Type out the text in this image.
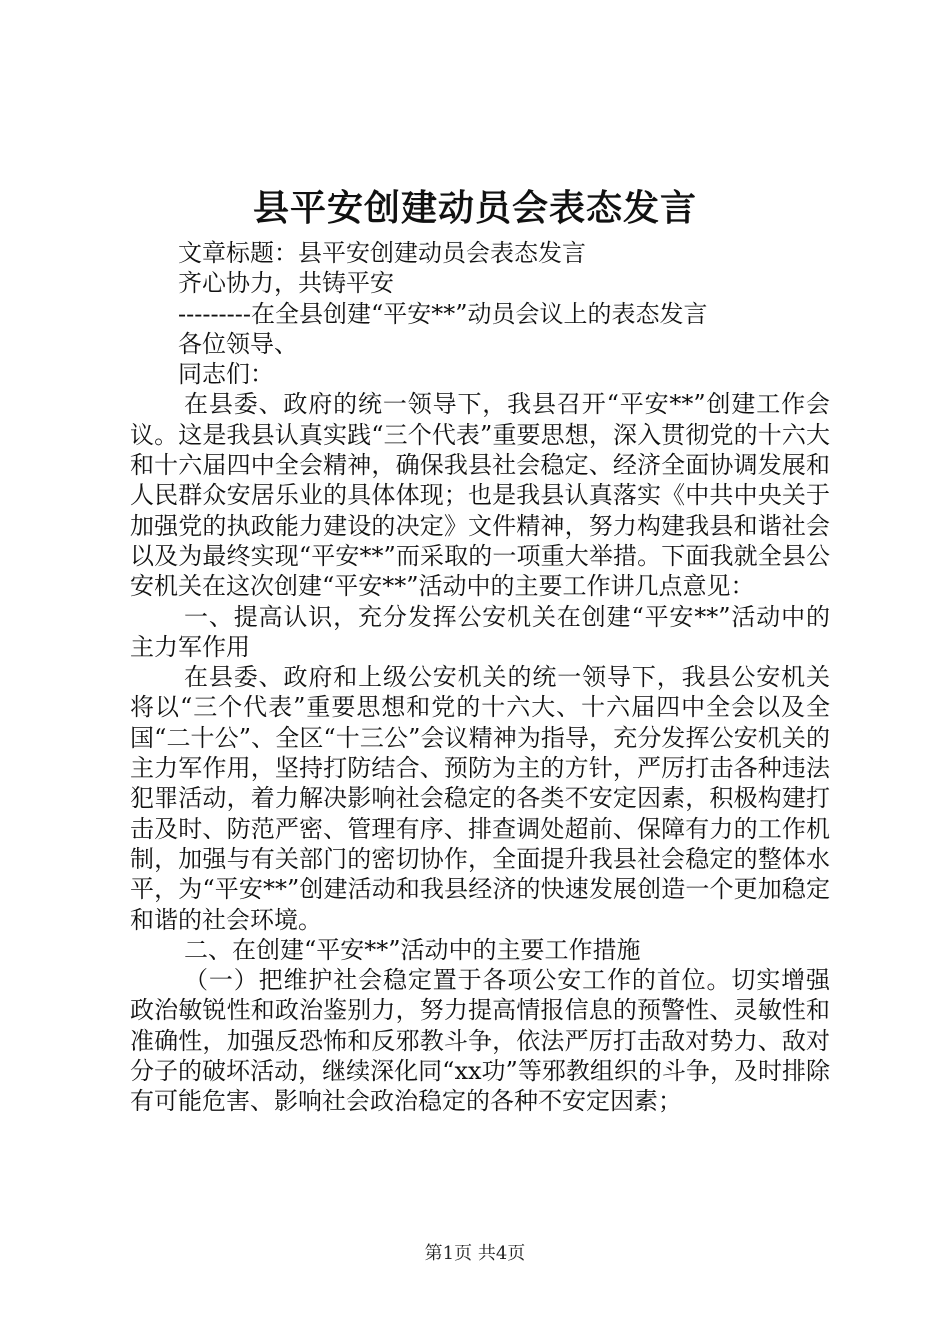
县平安创建动员会表态发言

文章标题：县平安创建动员会表态发言

齐心协力，共铸平安

---------在全县创建“平安**”动员会议上的表态发言

各位领导、

同志们：

在县委、政府的统一领导下，我县召开“平安**”创建工作会议。这是我县认真实践“三个代表”重要思想，深入贯彻党的十六大和十六届四中全会精神，确保我县社会稳定、经济全面协调发展和人民群众安居乐业的具体体现；也是我县认真落实《中共中央关于加强党的执政能力建设的决定》文件精神，努力构建我县和谐社会以及为最终实现“平安**”而采取的一项重大举措。下面我就全县公安机关在这次创建“平安**”活动中的主要工作讲几点意见：

一、提高认识，充分发挥公安机关在创建“平安**”活动中的主力军作用

在县委、政府和上级公安机关的统一领导下，我县公安机关将以“三个代表”重要思想和党的十六大、十六届四中全会以及全国“二十公”、全区“十三公”会议精神为指导，充分发挥公安机关的主力军作用，坚持打防结合、预防为主的方针，严厉打击各种违法犯罪活动，着力解决影响社会稳定的各类不安定因素，积极构建打击及时、防范严密、管理有序、排查调处超前、保障有力的工作机制，加强与有关部门的密切协作，全面提升我县社会稳定的整体水平，为“平安**”创建活动和我县经济的快速发展创造一个更加稳定和谐的社会环境。

二、在创建“平安**”活动中的主要工作措施

（一）把维护社会稳定置于各项公安工作的首位。切实增强政治敏锐性和政治鉴别力，努力提高情报信息的预警性、灵敏性和准确性，加强反恐怖和反邪教斗争，依法严厉打击敌对势力、敌对分子的破坏活动，继续深化同“xx功”等邪教组织的斗争，及时排除有可能危害、影响社会政治稳定的各种不安定因素；

第1页 共4页
